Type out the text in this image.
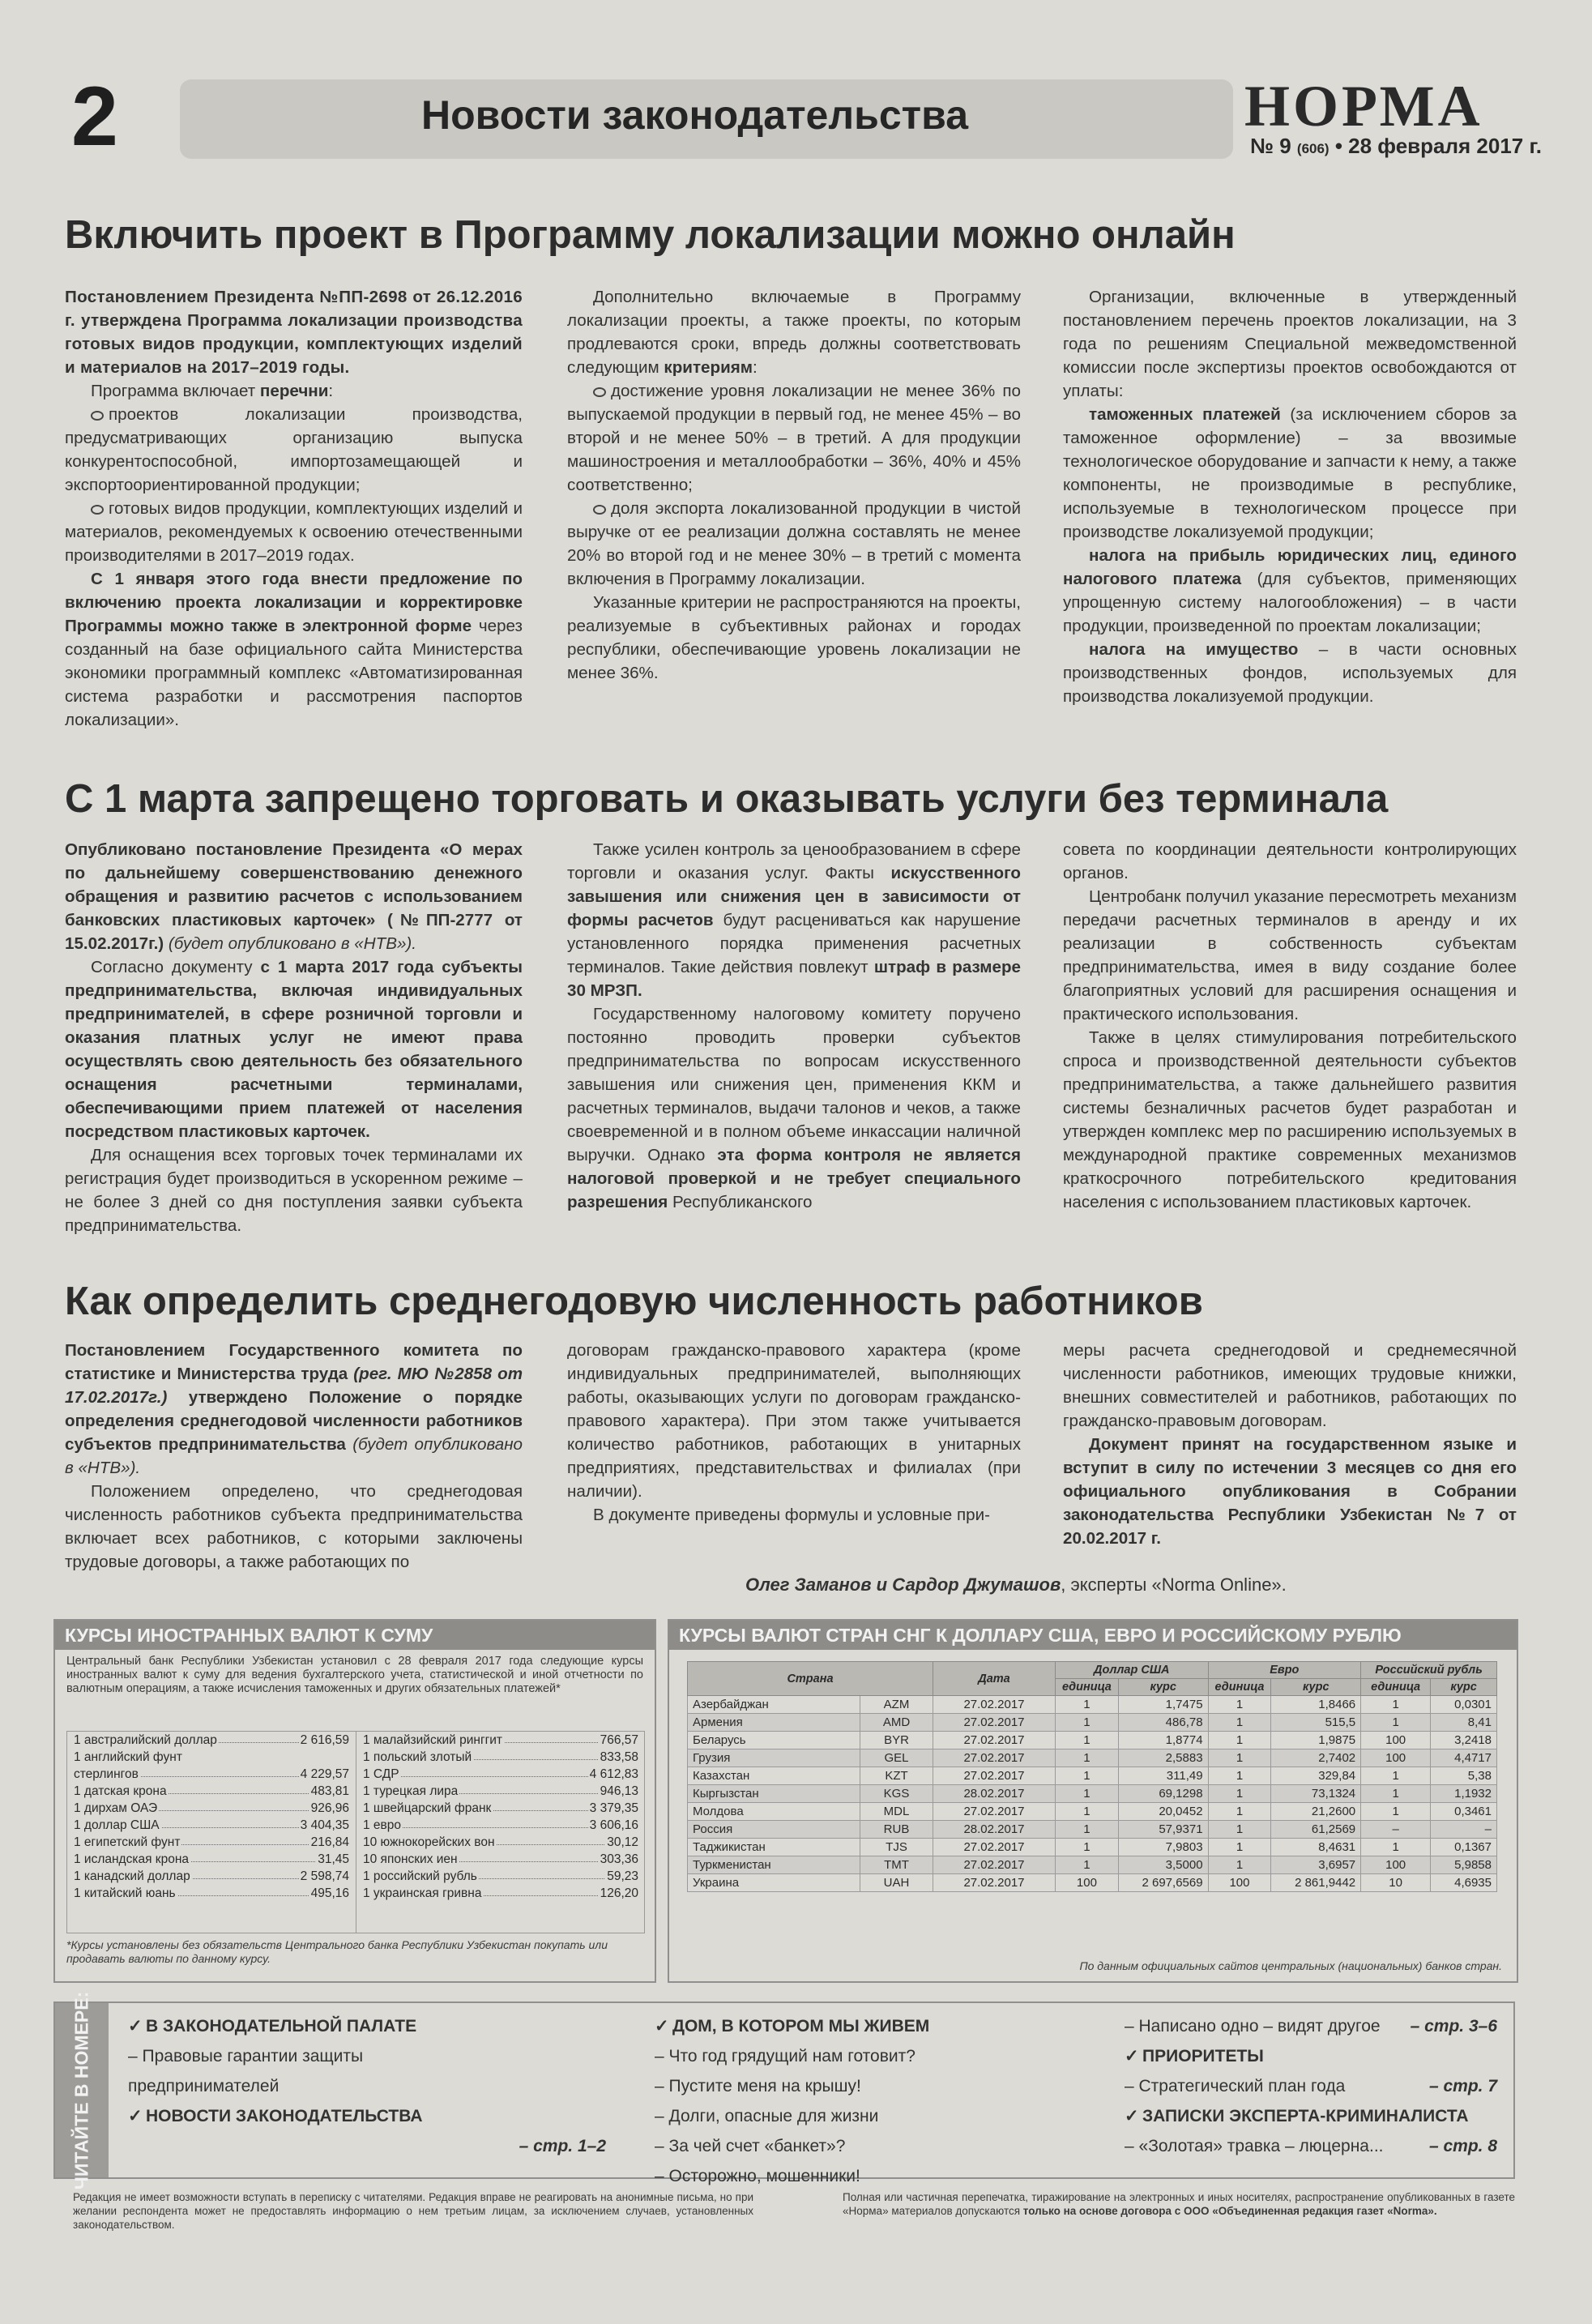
2	Новости законодательства	НОРМА
№ 9 (606) • 28 февраля 2017 г.
Включить проект в Программу локализации можно онлайн

Постановлением Президента №ПП-2698 от 26.12.2016 г. утверждена Программа локализации производства готовых видов продукции, комплектующих изделий и материалов на 2017–2019 годы.

Программа включает перечни:

проектов локализации производства, предусматривающих организацию выпуска конкурентоспособной, импортозамещающей и экспортоориентированной продукции;

готовых видов продукции, комплектующих изделий и материалов, рекомендуемых к освоению отечественными производителями в 2017–2019 годах.

С 1 января этого года внести предложение по включению проекта локализации и корректировке Программы можно также в электронной форме через созданный на базе официального сайта Министерства экономики программный комплекс «Автоматизированная система разработки и рассмотрения паспортов локализации».

Дополнительно включаемые в Программу локализации проекты, а также проекты, по которым продлеваются сроки, впредь должны соответствовать следующим критериям:

достижение уровня локализации не менее 36% по выпускаемой продукции в первый год, не менее 45% – во второй и не менее 50% – в третий. А для продукции машиностроения и металлообработки – 36%, 40% и 45% соответственно;

доля экспорта локализованной продукции в чистой выручке от ее реализации должна составлять не менее 20% во второй год и не менее 30% – в третий с момента включения в Программу локализации.

Указанные критерии не распространяются на проекты, реализуемые в субъективных районах и городах республики, обеспечивающие уровень локализации не менее 36%.

Организации, включенные в утвержденный постановлением перечень проектов локализации, на 3 года по решениям Специальной межведомственной комиссии после экспертизы проектов освобождаются от уплаты:

таможенных платежей (за исключением сборов за таможенное оформление) – за ввозимые технологическое оборудование и запчасти к нему, а также компоненты, не производимые в республике, используемые в технологическом процессе при производстве локализуемой продукции;

налога на прибыль юридических лиц, единого налогового платежа (для субъектов, применяющих упрощенную систему налогообложения) – в части продукции, произведенной по проектам локализации;

налога на имущество – в части основных производственных фондов, используемых для производства локализуемой продукции.

С 1 марта запрещено торговать и оказывать услуги без терминала

Опубликовано постановление Президента «О мерах по дальнейшему совершенствованию денежного обращения и развитию расчетов с использованием банковских пластиковых карточек» (№ПП-2777 от 15.02.2017г.) (будет опубликовано в «НТВ»).

Согласно документу с 1 марта 2017 года субъекты предпринимательства, включая индивидуальных предпринимателей, в сфере розничной торговли и оказания платных услуг не имеют права осуществлять свою деятельность без обязательного оснащения расчетными терминалами, обеспечивающими прием платежей от населения посредством пластиковых карточек.

Для оснащения всех торговых точек терминалами их регистрация будет производиться в ускоренном режиме – не более 3 дней со дня поступления заявки субъекта предпринимательства.

Также усилен контроль за ценообразованием в сфере торговли и оказания услуг. Факты искусственного завышения или снижения цен в зависимости от формы расчетов будут расцениваться как нарушение установленного порядка применения расчетных терминалов. Такие действия повлекут штраф в размере 30 МРЗП.

Государственному налоговому комитету поручено постоянно проводить проверки субъектов предпринимательства по вопросам искусственного завышения или снижения цен, применения ККМ и расчетных терминалов, выдачи талонов и чеков, а также своевременной и в полном объеме инкассации наличной выручки. Однако эта форма контроля не является налоговой проверкой и не требует специального разрешения Республиканского

совета по координации деятельности контролирующих органов.

Центробанк получил указание пересмотреть механизм передачи расчетных терминалов в аренду и их реализации в собственность субъектам предпринимательства, имея в виду создание более благоприятных условий для расширения оснащения и практического использования.

Также в целях стимулирования потребительского спроса и производственной деятельности субъектов предпринимательства, а также дальнейшего развития системы безналичных расчетов будет разработан и утвержден комплекс мер по расширению используемых в международной практике современных механизмов краткосрочного потребительского кредитования населения с использованием пластиковых карточек.

Как определить среднегодовую численность работников

Постановлением Государственного комитета по статистике и Министерства труда (рег. МЮ №2858 от 17.02.2017г.) утверждено Положение о порядке определения среднегодовой численности работников субъектов предпринимательства (будет опубликовано в «НТВ»).

Положением определено, что среднегодовая численность работников субъекта предпринимательства включает всех работников, с которыми заключены трудовые договоры, а также работающих по

договорам гражданско-правового характера (кроме индивидуальных предпринимателей, выполняющих работы, оказывающих услуги по договорам гражданско-правового характера). При этом также учитывается количество работников, работающих в унитарных предприятиях, представительствах и филиалах (при наличии).

В документе приведены формулы и условные при-

меры расчета среднегодовой и среднемесячной численности работников, имеющих трудовые книжки, внешних совместителей и работников, работающих по гражданско-правовым договорам.

Документ принят на государственном языке и вступит в силу по истечении 3 месяцев со дня его официального опубликования в Собрании законодательства Республики Узбекистан №7 от 20.02.2017 г.

Олег Заманов и Сардор Джумашов, эксперты «Norma Online».
КУРСЫ ИНОСТРАННЫХ ВАЛЮТ К СУМУ
Центральный банк Республики Узбекистан установил с 28 февраля 2017 года следующие курсы иностранных валют к суму для ведения бухгалтерского учета, статистической и иной отчетности по валютным операциям, а также исчисления таможенных и других обязательных платежей*
1 австралийский доллар	2 616,59
1 английский фунт
стерлингов	4 229,57
1 датская крона	483,81
1 дирхам ОАЭ	926,96
1 доллар США	3 404,35
1 египетский фунт	216,84
1 исландская крона	31,45
1 канадский доллар	2 598,74
1 китайский юань	495,16
1 малайзийский ринггит	766,57
1 польский злотый	833,58
1 СДР	4 612,83
1 турецкая лира	946,13
1 швейцарский франк	3 379,35
1 евро	3 606,16
10 южнокорейских вон	30,12
10 японских иен	303,36
1 российский рубль	59,23
1 украинская гривна	126,20
*Курсы установлены без обязательств Центрального банка Республики Узбекистан покупать или продавать валюты по данному курсу.
КУРСЫ ВАЛЮТ СТРАН СНГ К ДОЛЛАРУ США, ЕВРО И РОССИЙСКОМУ РУБЛЮ
Страна		Дата	Доллар США		Евро		Российский рубль	
			единица	курс	единица	курс	единица	курс
Азербайджан	AZM	27.02.2017	1	1,7475	1	1,8466	1	0,0301
Армения	AMD	27.02.2017	1	486,78	1	515,5	1	8,41
Беларусь	BYR	27.02.2017	1	1,8774	1	1,9875	100	3,2418
Грузия	GEL	27.02.2017	1	2,5883	1	2,7402	100	4,4717
Казахстан	KZT	27.02.2017	1	311,49	1	329,84	1	5,38
Кыргызстан	KGS	28.02.2017	1	69,1298	1	73,1324	1	1,1932
Молдова	MDL	27.02.2017	1	20,0452	1	21,2600	1	0,3461
Россия	RUB	28.02.2017	1	57,9371	1	61,2569	–	–
Таджикистан	TJS	27.02.2017	1	7,9803	1	8,4631	1	0,1367
Туркменистан	TMT	27.02.2017	1	3,5000	1	3,6957	100	5,9858
Украина	UAH	27.02.2017	100	2 697,6569	100	2 861,9442	10	4,6935
По данным официальных сайтов центральных (национальных) банков стран.
ЧИТАЙТЕ В НОМЕРЕ: ✓ В ЗАКОНОДАТЕЛЬНОЙ ПАЛАТЕ
– Правовые гарантии защиты
предпринимателей
✓ НОВОСТИ ЗАКОНОДАТЕЛЬСТВА
– стр. 1–2
✓ ДОМ, В КОТОРОМ МЫ ЖИВЕМ
– Что год грядущий нам готовит?
– Пустите меня на крышу!
– Долги, опасные для жизни
– За чей счет «банкет»?
– Осторожно, мошенники!
– Написано одно – видят другое – стр. 3–6
✓ ПРИОРИТЕТЫ
– Стратегический план года	– стр. 7
✓ ЗАПИСКИ ЭКСПЕРТА-КРИМИНАЛИСТА
– «Золотая» травка – люцерна...	– стр. 8
Редакция не имеет возможности вступать в переписку с читателями. Редакция вправе не реагировать на анонимные письма, но при желании респондента может не предоставлять информацию о нем третьим лицам, за исключением случаев, установленных законодательством.
Полная или частичная перепечатка, тиражирование на электронных и иных носителях, распространение опубликованных в газете «Норма» материалов допускаются только на основе договора с ООО «Объединенная редакция газет «Norma».
